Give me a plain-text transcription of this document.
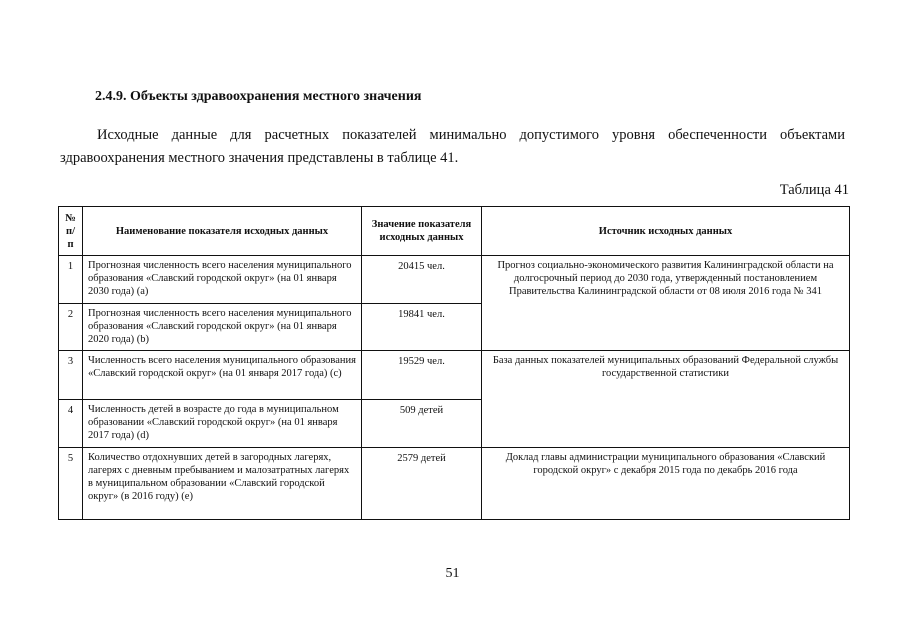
2.4.9. Объекты здравоохранения местного значения

Исходные данные для расчетных показателей минимально допустимого уровня обеспеченности объектами здравоохранения местного значения представлены в таблице 41.

Таблица 41

№ п/п	Наименование показателя исходных данных	Значение показателя исходных данных	Источник исходных данных
1	Прогнозная численность всего населения муниципального образования «Славский городской округ» (на 01 января 2030 года) (a)	20415 чел.	Прогноз социально-экономического развития Калининградской области на долгосрочный период до 2030 года, утвержденный постановлением Правительства Калининградской области от 08 июля 2016 года № 341
2	Прогнозная численность всего населения муниципального образования «Славский городской округ» (на 01 января 2020 года) (b)	19841 чел.	
3	Численность всего населения муниципального образования «Славский городской округ» (на 01 января 2017 года) (c)	19529 чел.	База данных показателей муниципальных образований Федеральной службы государственной статистики
4	Численность детей в возрасте до года в муниципальном образовании «Славский городской округ» (на 01 января 2017 года) (d)	509 детей	
5	Количество отдохнувших детей в загородных лагерях, лагерях с дневным пребыванием и малозатратных лагерях в муниципальном образовании «Славский городской округ» (в 2016 году) (e)	2579 детей	Доклад главы администрации муниципального образования «Славский городской округ» с декабря 2015 года по декабрь 2016 года

51
